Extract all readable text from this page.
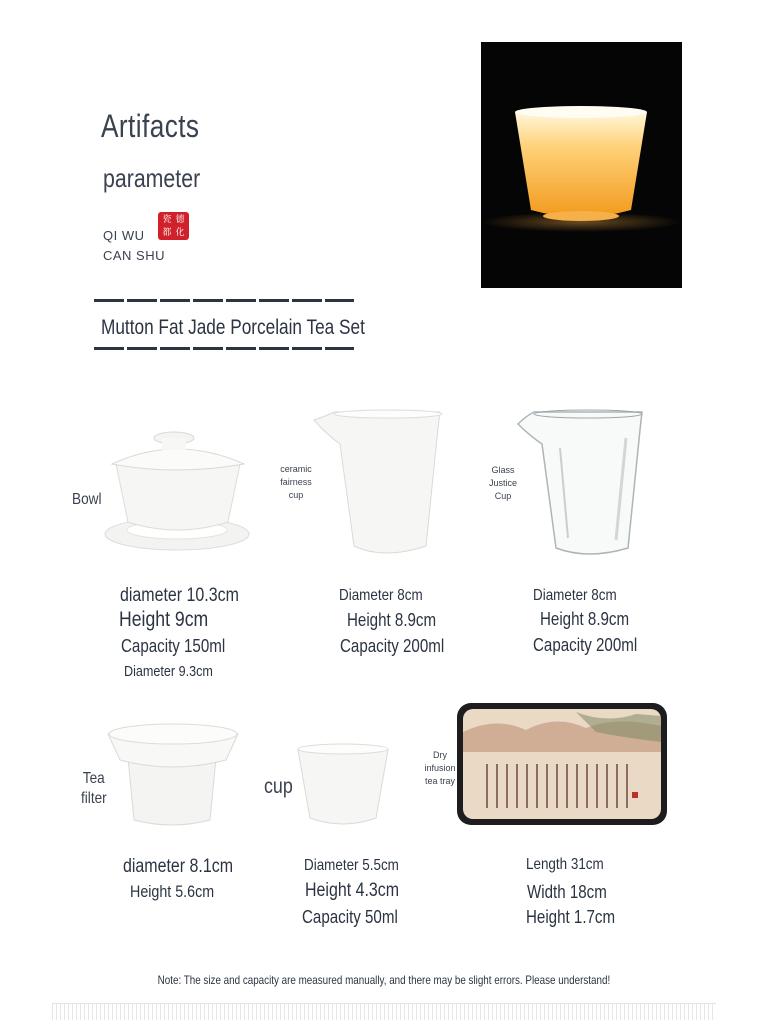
Artifacts
parameter
QI WU
CAN SHU
瓷 德
都 化
Mutton Fat Jade Porcelain Tea Set
Bowl
diameter 10.3cm
Height 9cm
Capacity 150ml
Diameter 9.3cm
ceramic
fairness
cup
Diameter 8cm
Height 8.9cm
Capacity 200ml
Glass
Justice
Cup
Diameter 8cm
Height 8.9cm
Capacity 200ml
Tea
filter
diameter 8.1cm
Height 5.6cm
cup
Diameter 5.5cm
Height 4.3cm
Capacity 50ml
Dry
infusion
tea tray
Length 31cm
Width 18cm
Height 1.7cm
Note: The size and capacity are measured manually, and there may be slight errors. Please understand!
